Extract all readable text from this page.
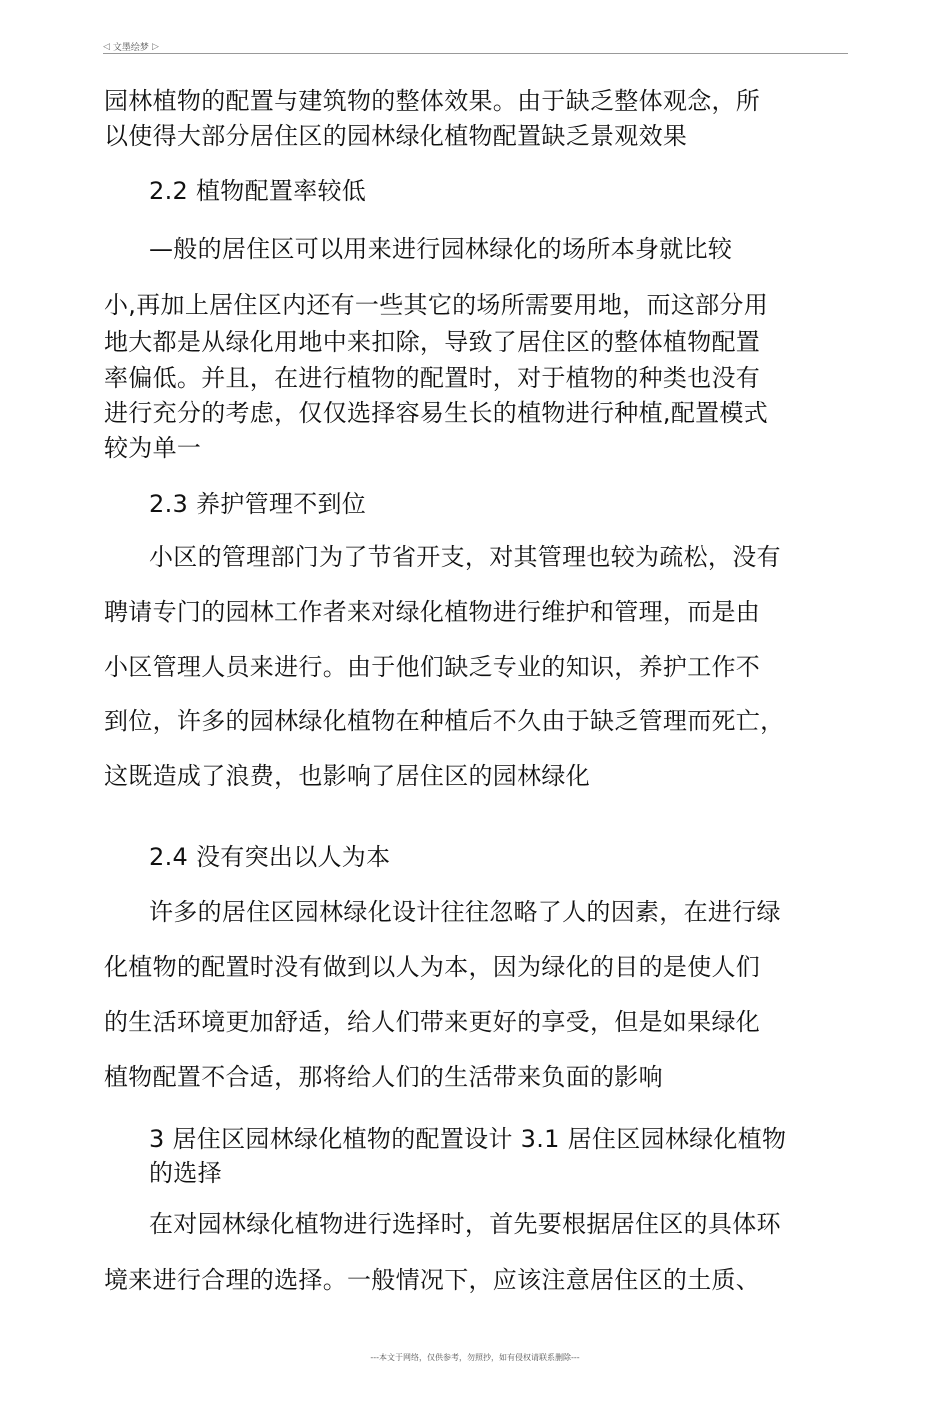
◁ 文墨绘梦 ▷
园林植物的配置与建筑物的整体效果。由于缺乏整体观念，所
以使得大部分居住区的园林绿化植物配置缺乏景观效果
2.2 植物配置率较低
—般的居住区可以用来进行园林绿化的场所本身就比较
小,再加上居住区内还有一些其它的场所需要用地，而这部分用
地大都是从绿化用地中来扣除，导致了居住区的整体植物配置
率偏低。并且，在进行植物的配置时，对于植物的种类也没有
进行充分的考虑，仅仅选择容易生长的植物进行种植,配置模式
较为单一
2.3 养护管理不到位
小区的管理部门为了节省开支，对其管理也较为疏松，没有
聘请专门的园林工作者来对绿化植物进行维护和管理，而是由
小区管理人员来进行。由于他们缺乏专业的知识，养护工作不
到位，许多的园林绿化植物在种植后不久由于缺乏管理而死亡，
这既造成了浪费，也影响了居住区的园林绿化
2.4 没有突出以人为本
许多的居住区园林绿化设计往往忽略了人的因素，在进行绿
化植物的配置时没有做到以人为本，因为绿化的目的是使人们
的生活环境更加舒适，给人们带来更好的享受，但是如果绿化
植物配置不合适，那将给人们的生活带来负面的影响
3 居住区园林绿化植物的配置设计 3.1 居住区园林绿化植物
的选择
在对园林绿化植物进行选择时，首先要根据居住区的具体环
境来进行合理的选择。一般情况下，应该注意居住区的土质、
---本文于网络，仅供参考，勿照抄，如有侵权请联系删除---
